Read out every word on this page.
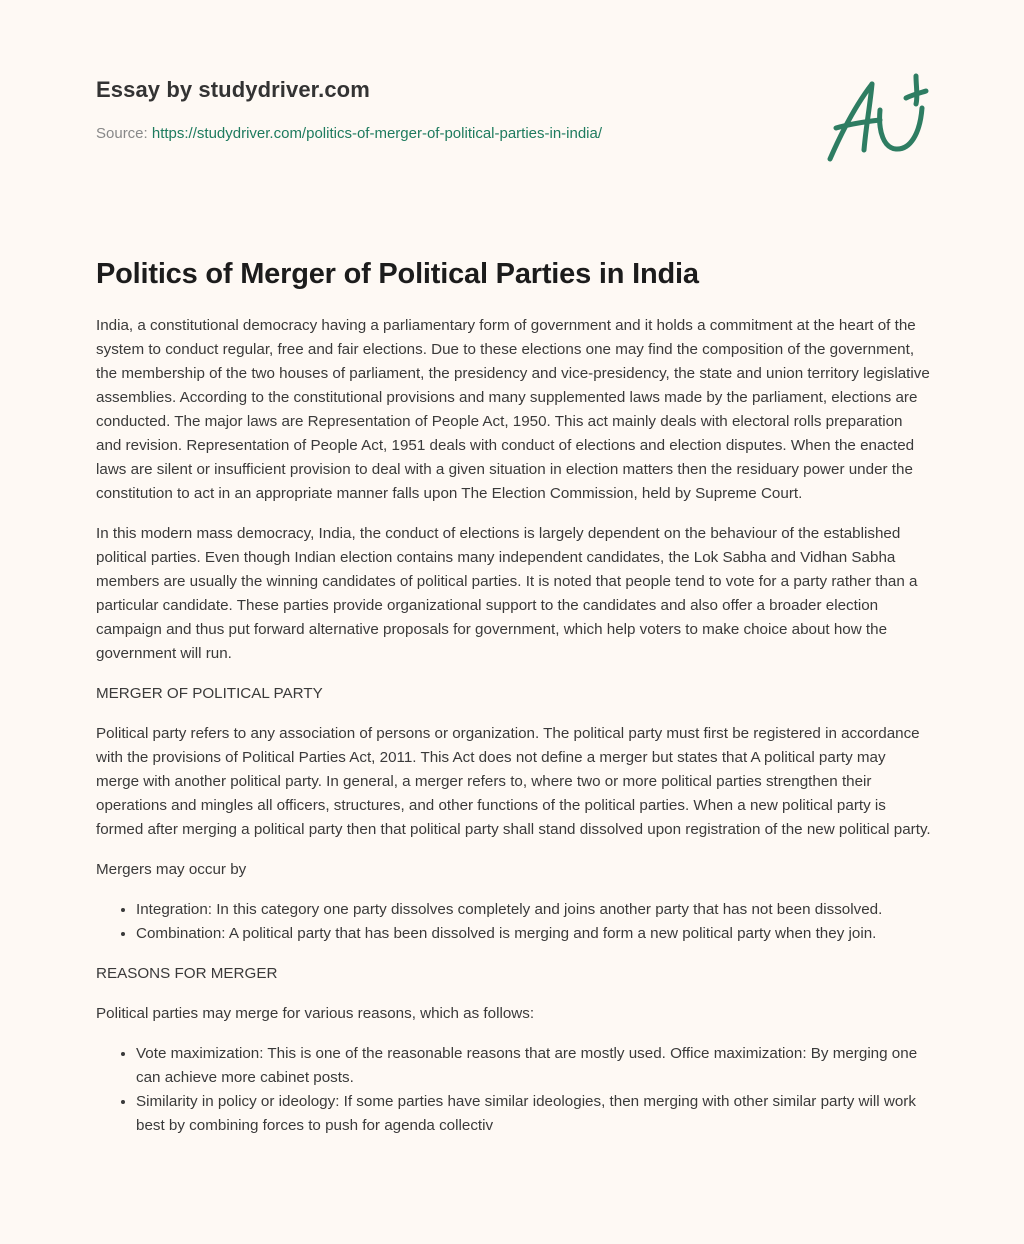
Essay by studydriver.com
Source: https://studydriver.com/politics-of-merger-of-political-parties-in-india/
Politics of Merger of Political Parties in India

India, a constitutional democracy having a parliamentary form of government and it holds a commitment at the heart of the system to conduct regular, free and fair elections. Due to these elections one may find the composition of the government, the membership of the two houses of parliament, the presidency and vice-presidency, the state and union territory legislative assemblies. According to the constitutional provisions and many supplemented laws made by the parliament, elections are conducted. The major laws are Representation of People Act, 1950. This act mainly deals with electoral rolls preparation and revision. Representation of People Act, 1951 deals with conduct of elections and election disputes. When the enacted laws are silent or insufficient provision to deal with a given situation in election matters then the residuary power under the constitution to act in an appropriate manner falls upon The Election Commission, held by Supreme Court.

In this modern mass democracy, India, the conduct of elections is largely dependent on the behaviour of the established political parties. Even though Indian election contains many independent candidates, the Lok Sabha and Vidhan Sabha members are usually the winning candidates of political parties. It is noted that people tend to vote for a party rather than a particular candidate. These parties provide organizational support to the candidates and also offer a broader election campaign and thus put forward alternative proposals for government, which help voters to make choice about how the government will run.

MERGER OF POLITICAL PARTY

Political party refers to any association of persons or organization. The political party must first be registered in accordance with the provisions of Political Parties Act, 2011. This Act does not define a merger but states that A political party may merge with another political party. In general, a merger refers to, where two or more political parties strengthen their operations and mingles all officers, structures, and other functions of the political parties. When a new political party is formed after merging a political party then that political party shall stand dissolved upon registration of the new political party.

Mergers may occur by

• Integration: In this category one party dissolves completely and joins another party that has not been dissolved.
• Combination: A political party that has been dissolved is merging and form a new political party when they join.
REASONS FOR MERGER

Political parties may merge for various reasons, which as follows:

• Vote maximization: This is one of the reasonable reasons that are mostly used. Office maximization: By merging one can achieve more cabinet posts.
• Similarity in policy or ideology: If some parties have similar ideologies, then merging with other similar party will work best by combining forces to push for agenda collectiv
